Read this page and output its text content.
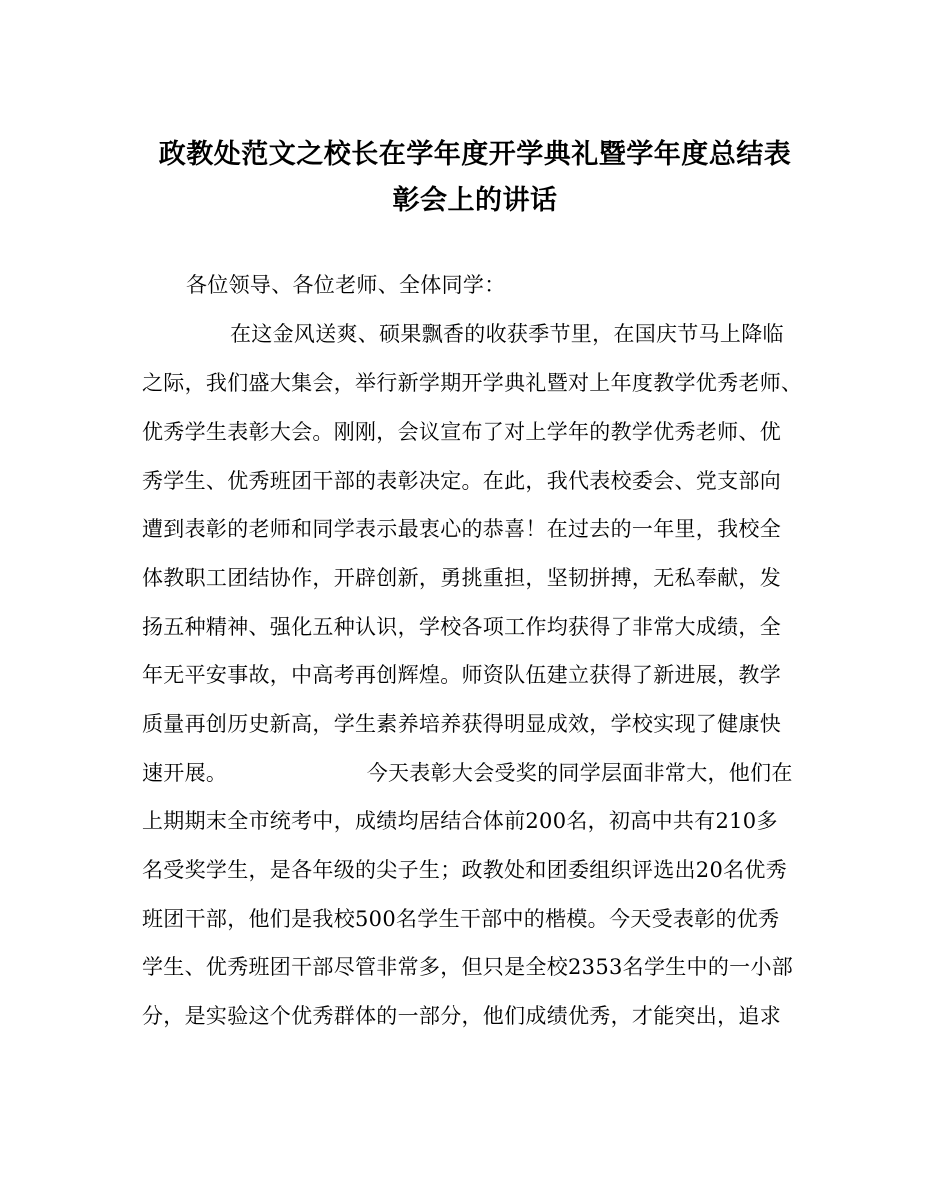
政教处范文之校长在学年度开学典礼暨学年度总结表
彰会上的讲话
各位领导、各位老师、全体同学：
在这金风送爽、硕果飘香的收获季节里，在国庆节马上降临
之际，我们盛大集会，举行新学期开学典礼暨对上年度教学优秀老师、
优秀学生表彰大会。刚刚，会议宣布了对上学年的教学优秀老师、优
秀学生、优秀班团干部的表彰决定。在此，我代表校委会、党支部向
遭到表彰的老师和同学表示最衷心的恭喜！在过去的一年里，我校全
体教职工团结协作，开辟创新，勇挑重担，坚韧拼搏，无私奉献，发
扬五种精神、强化五种认识，学校各项工作均获得了非常大成绩，全
年无平安事故，中高考再创辉煌。师资队伍建立获得了新进展，教学
质量再创历史新高，学生素养培养获得明显成效，学校实现了健康快
速开展。                    今天表彰大会受奖的同学层面非常大，他们在
上期期末全市统考中，成绩均居结合体前200名，初高中共有210多
名受奖学生，是各年级的尖子生；政教处和团委组织评选出20名优秀
班团干部，他们是我校500名学生干部中的楷模。今天受表彰的优秀
学生、优秀班团干部尽管非常多，但只是全校2353名学生中的一小部
分，是实验这个优秀群体的一部分，他们成绩优秀，才能突出，追求
